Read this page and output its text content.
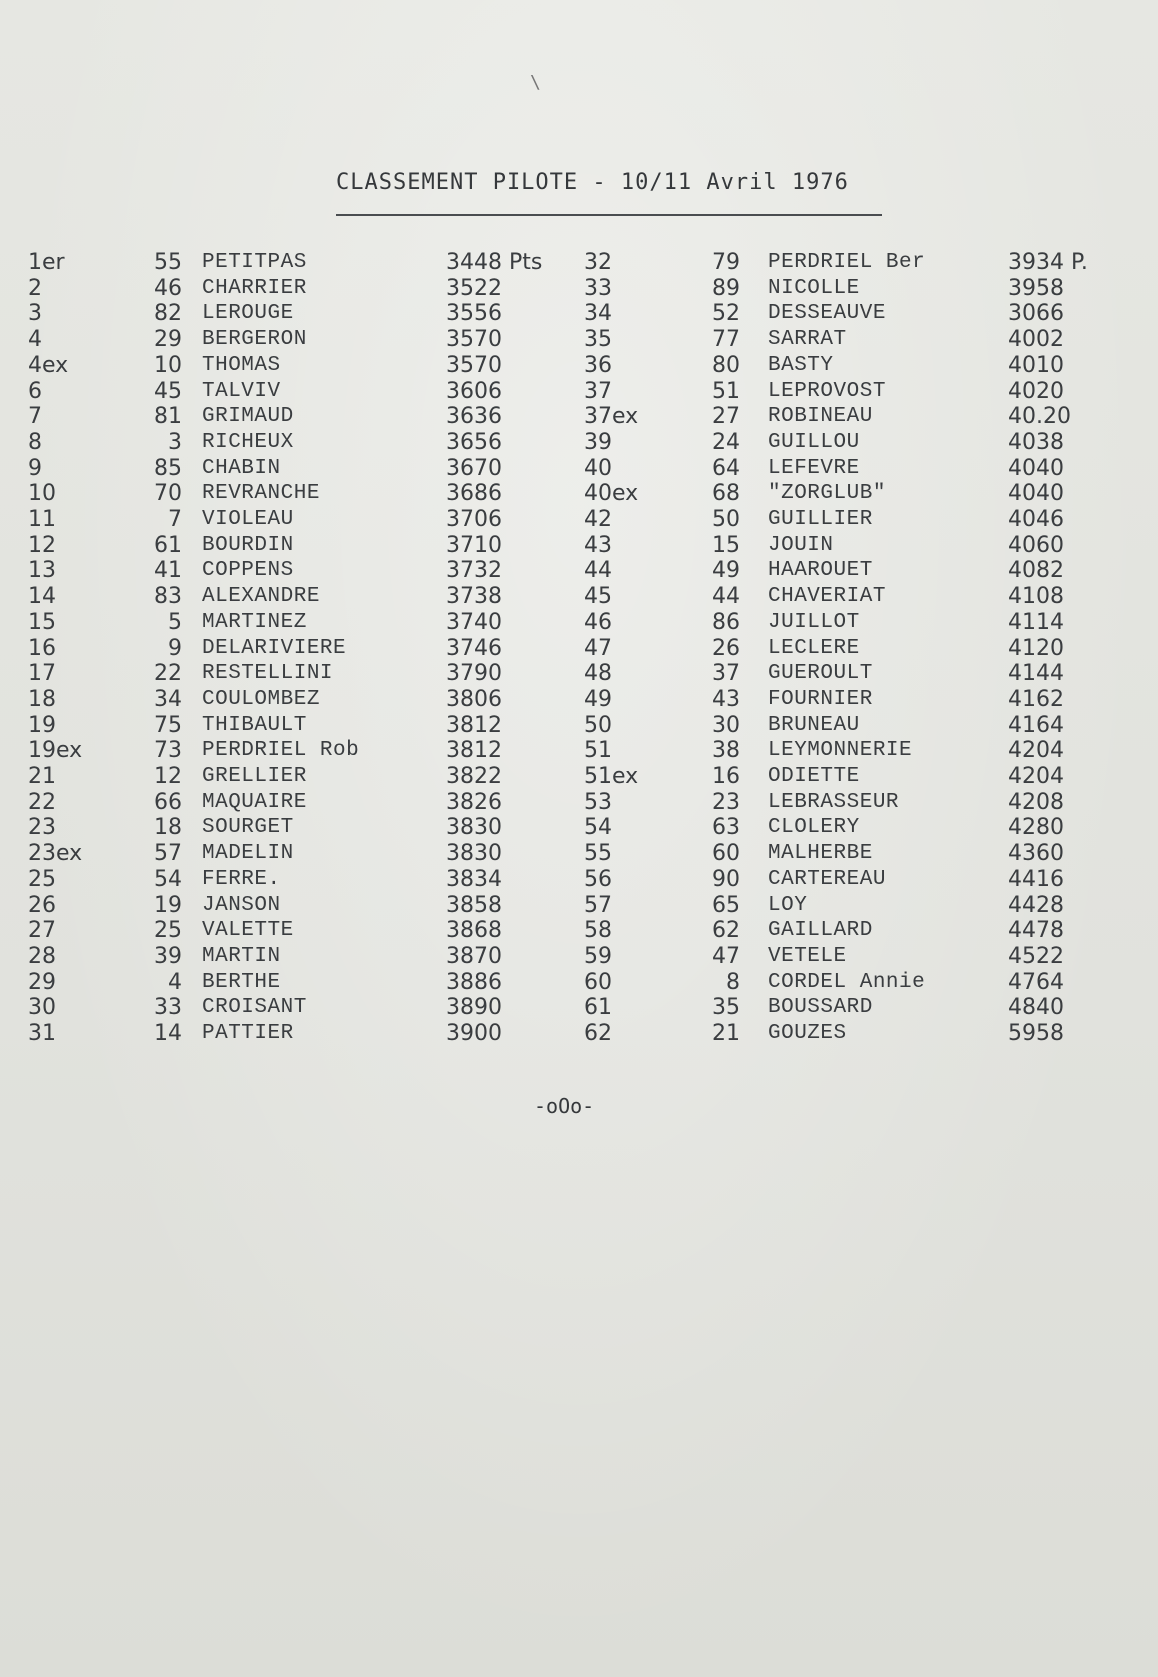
\
CLASSEMENT PILOTE - 10/11 Avril 1976
1er	55	PETITPAS	3448 Pts	32	79	PERDRIEL Ber	3934 P.
2	46	CHARRIER	3522	33	89	NICOLLE	3958
3	82	LEROUGE	3556	34	52	DESSEAUVE	3066
4	29	BERGERON	3570	35	77	SARRAT	4002
4ex	10	THOMAS	3570	36	80	BASTY	4010
6	45	TALVIV	3606	37	51	LEPROVOST	4020
7	81	GRIMAUD	3636	37ex	27	ROBINEAU	40.20
8	3	RICHEUX	3656	39	24	GUILLOU	4038
9	85	CHABIN	3670	40	64	LEFEVRE	4040
10	70	REVRANCHE	3686	40ex	68	"ZORGLUB"	4040
11	7	VIOLEAU	3706	42	50	GUILLIER	4046
12	61	BOURDIN	3710	43	15	JOUIN	4060
13	41	COPPENS	3732	44	49	HAAROUET	4082
14	83	ALEXANDRE	3738	45	44	CHAVERIAT	4108
15	5	MARTINEZ	3740	46	86	JUILLOT	4114
16	9	DELARIVIERE	3746	47	26	LECLERE	4120
17	22	RESTELLINI	3790	48	37	GUEROULT	4144
18	34	COULOMBEZ	3806	49	43	FOURNIER	4162
19	75	THIBAULT	3812	50	30	BRUNEAU	4164
19ex	73	PERDRIEL Rob	3812	51	38	LEYMONNERIE	4204
21	12	GRELLIER	3822	51ex	16	ODIETTE	4204
22	66	MAQUAIRE	3826	53	23	LEBRASSEUR	4208
23	18	SOURGET	3830	54	63	CLOLERY	4280
23ex	57	MADELIN	3830	55	60	MALHERBE	4360
25	54	FERRE.	3834	56	90	CARTEREAU	4416
26	19	JANSON	3858	57	65	LOY	4428
27	25	VALETTE	3868	58	62	GAILLARD	4478
28	39	MARTIN	3870	59	47	VETELE	4522
29	4	BERTHE	3886	60	8	CORDEL Annie	4764
30	33	CROISANT	3890	61	35	BOUSSARD	4840
31	14	PATTIER	3900	62	21	GOUZES	5958
-oOo-
